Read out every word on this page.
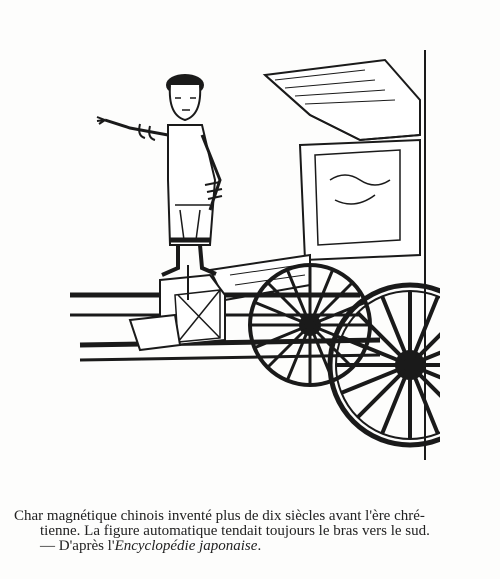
Char magnétique chinois inventé plus de dix siècles avant l'ère chré-
tienne. La figure automatique tendait toujours le bras vers le sud.
— D'après l'Encyclopédie japonaise.
